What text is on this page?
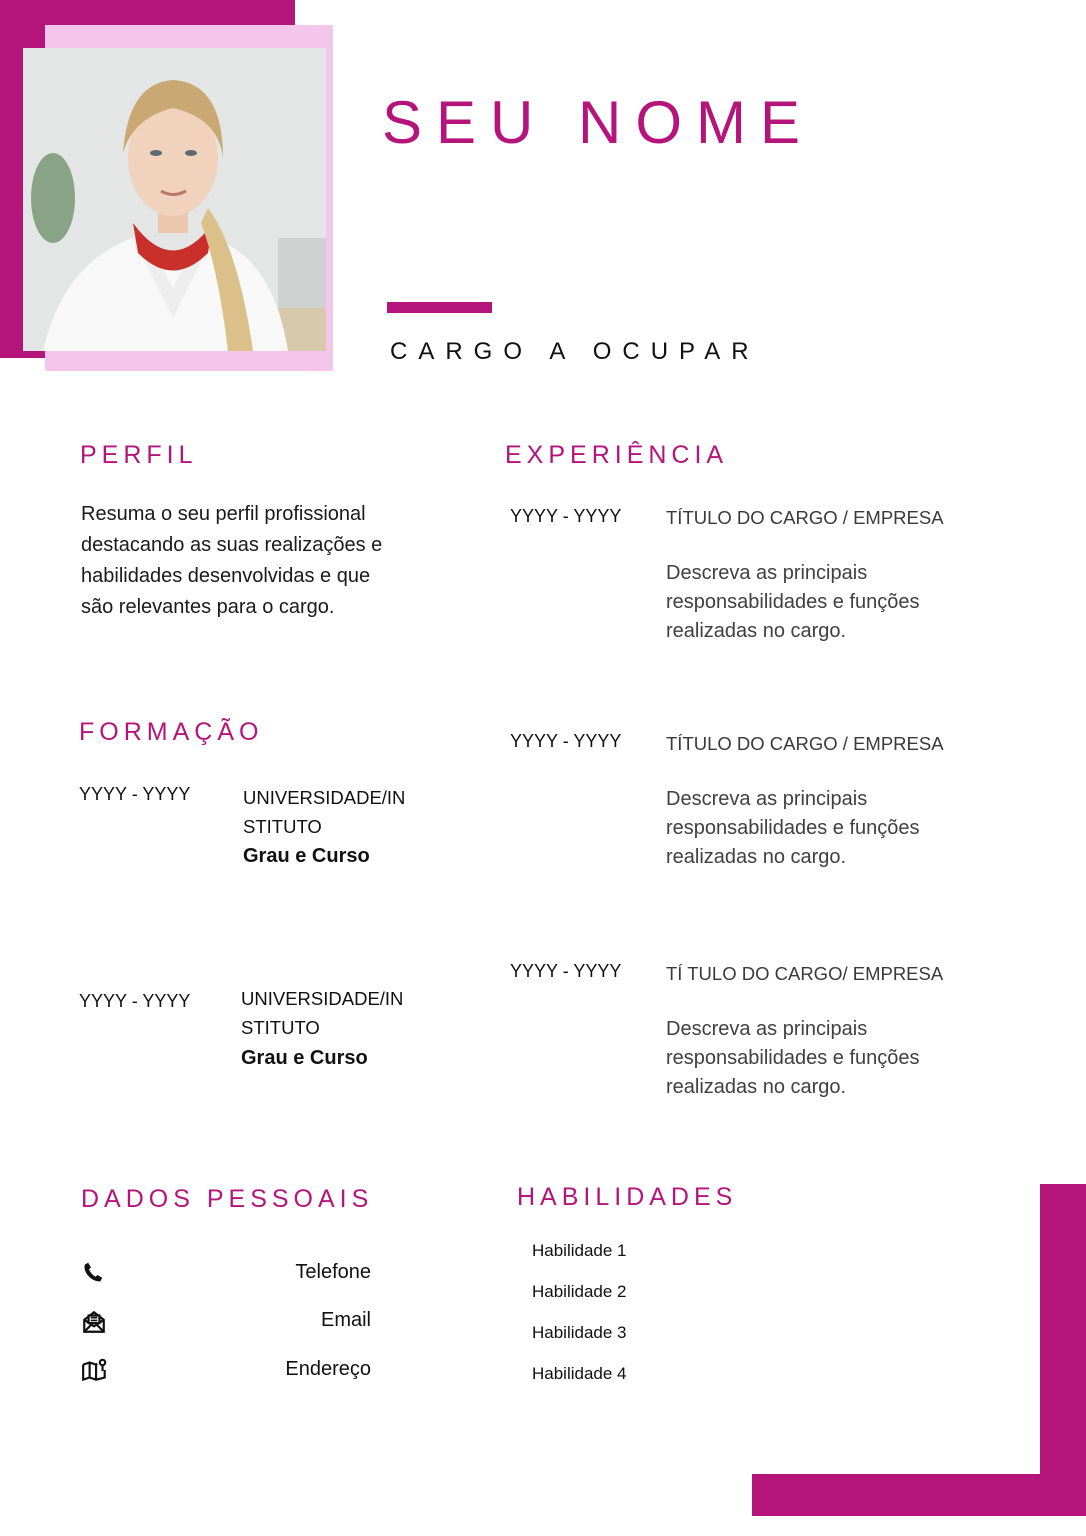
SEU NOME
CARGO A OCUPAR
PERFIL
Resuma o seu perfil profissional
destacando as suas realizações e
habilidades desenvolvidas e que
são relevantes para o cargo.
EXPERIÊNCIA
YYYY - YYYY TÍTULO DO CARGO / EMPRESA
Descreva as principais
responsabilidades e funções
realizadas no cargo.
YYYY - YYYY TÍTULO DO CARGO / EMPRESA
Descreva as principais
responsabilidades e funções
realizadas no cargo.
YYYY - YYYY TÍ TULO DO CARGO/ EMPRESA
Descreva as principais
responsabilidades e funções
realizadas no cargo.
FORMAÇÃO
YYYY - YYYY	UNIVERSIDADE/IN
STITUTO
Grau e Curso
YYYY - YYYY	UNIVERSIDADE/IN
STITUTO
Grau e Curso
DADOS PESSOAIS
Telefone
Email
Endereço
HABILIDADES
Habilidade 1
Habilidade 2
Habilidade 3
Habilidade 4
